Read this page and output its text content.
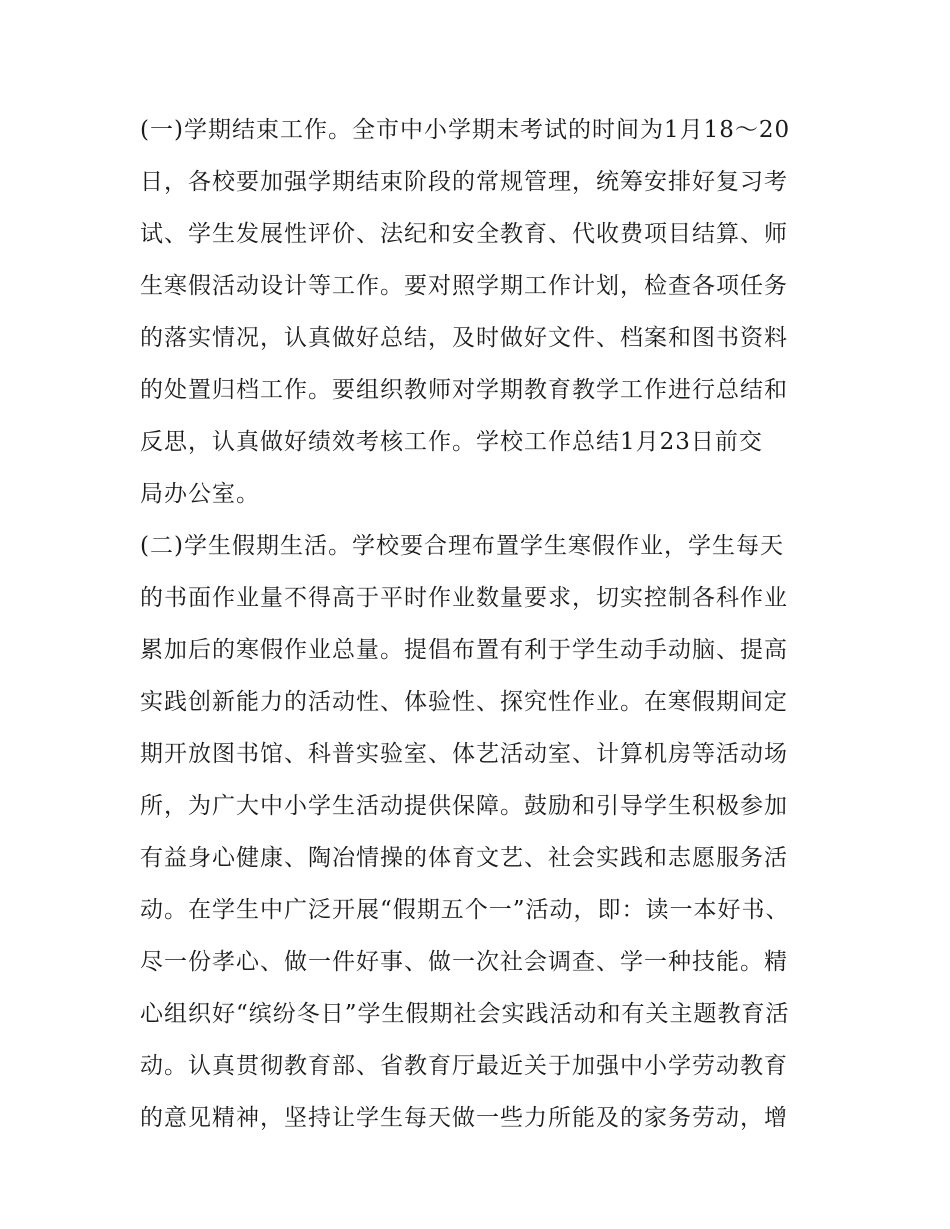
(一)学期结束工作。全市中小学期末考试的时间为1月18～20
日，各校要加强学期结束阶段的常规管理，统筹安排好复习考
试、学生发展性评价、法纪和安全教育、代收费项目结算、师
生寒假活动设计等工作。要对照学期工作计划，检查各项任务
的落实情况，认真做好总结，及时做好文件、档案和图书资料
的处置归档工作。要组织教师对学期教育教学工作进行总结和
反思，认真做好绩效考核工作。学校工作总结1月23日前交
局办公室。
(二)学生假期生活。学校要合理布置学生寒假作业，学生每天
的书面作业量不得高于平时作业数量要求，切实控制各科作业
累加后的寒假作业总量。提倡布置有利于学生动手动脑、提高
实践创新能力的活动性、体验性、探究性作业。在寒假期间定
期开放图书馆、科普实验室、体艺活动室、计算机房等活动场
所，为广大中小学生活动提供保障。鼓励和引导学生积极参加
有益身心健康、陶冶情操的体育文艺、社会实践和志愿服务活
动。在学生中广泛开展“假期五个一”活动，即：读一本好书、
尽一份孝心、做一件好事、做一次社会调查、学一种技能。精
心组织好“缤纷冬日”学生假期社会实践活动和有关主题教育活
动。认真贯彻教育部、省教育厅最近关于加强中小学劳动教育
的意见精神，坚持让学生每天做一些力所能及的家务劳动，增
